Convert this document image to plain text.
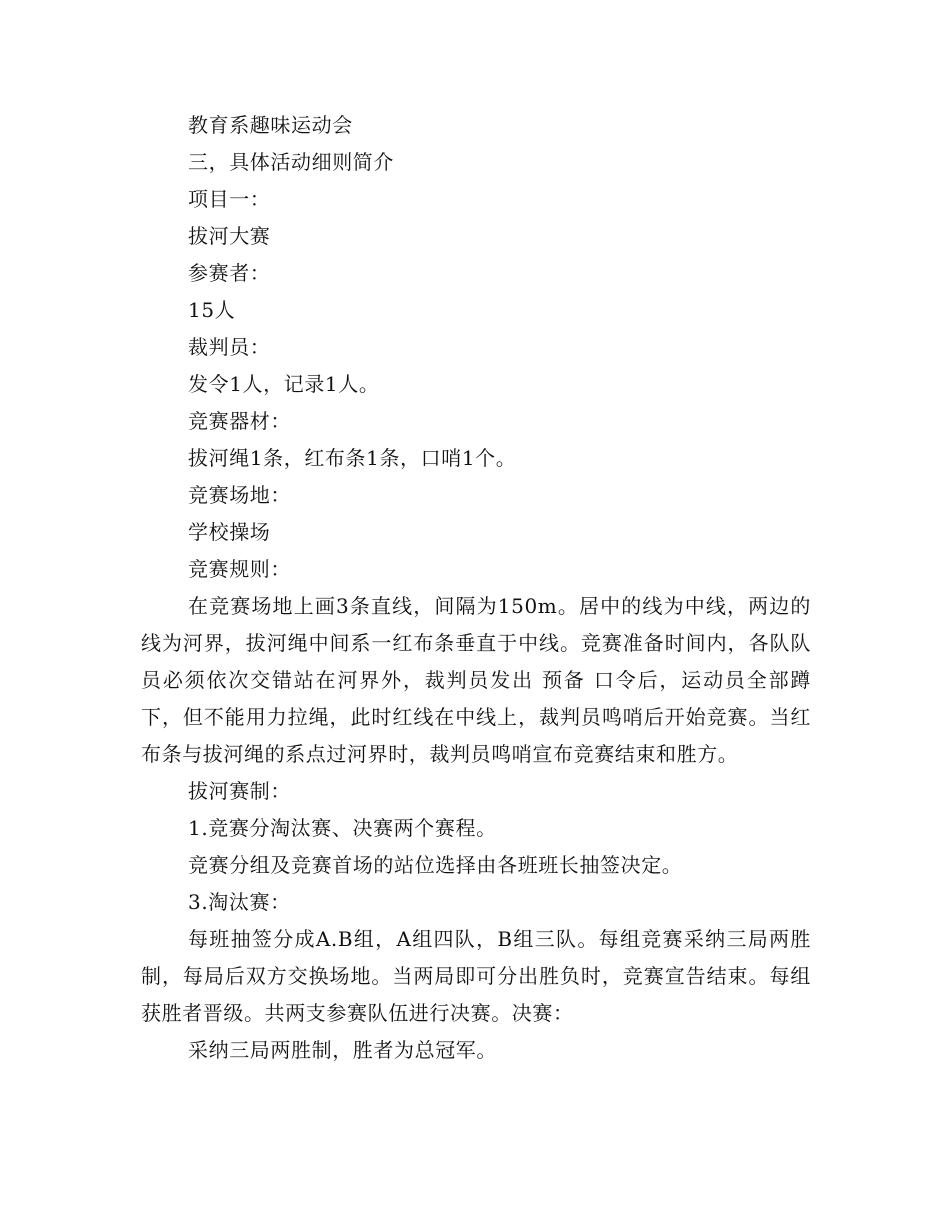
教育系趣味运动会

三，具体活动细则简介

项目一：

拔河大赛

参赛者：

15人

裁判员：

发令1人，记录1人。

竞赛器材：

拔河绳1条，红布条1条，口哨1个。

竞赛场地：

学校操场

竞赛规则：

在竞赛场地上画3条直线，间隔为150m。居中的线为中线，两边的线为河界，拔河绳中间系一红布条垂直于中线。竞赛准备时间内，各队队员必须依次交错站在河界外，裁判员发出 预备 口令后，运动员全部蹲下，但不能用力拉绳，此时红线在中线上，裁判员鸣哨后开始竞赛。当红布条与拔河绳的系点过河界时，裁判员鸣哨宣布竞赛结束和胜方。

拔河赛制：

1.竞赛分淘汰赛、决赛两个赛程。

竞赛分组及竞赛首场的站位选择由各班班长抽签决定。

3.淘汰赛：

每班抽签分成A.B组，A组四队，B组三队。每组竞赛采纳三局两胜制，每局后双方交换场地。当两局即可分出胜负时，竞赛宣告结束。每组获胜者晋级。共两支参赛队伍进行决赛。决赛：

采纳三局两胜制，胜者为总冠军。
